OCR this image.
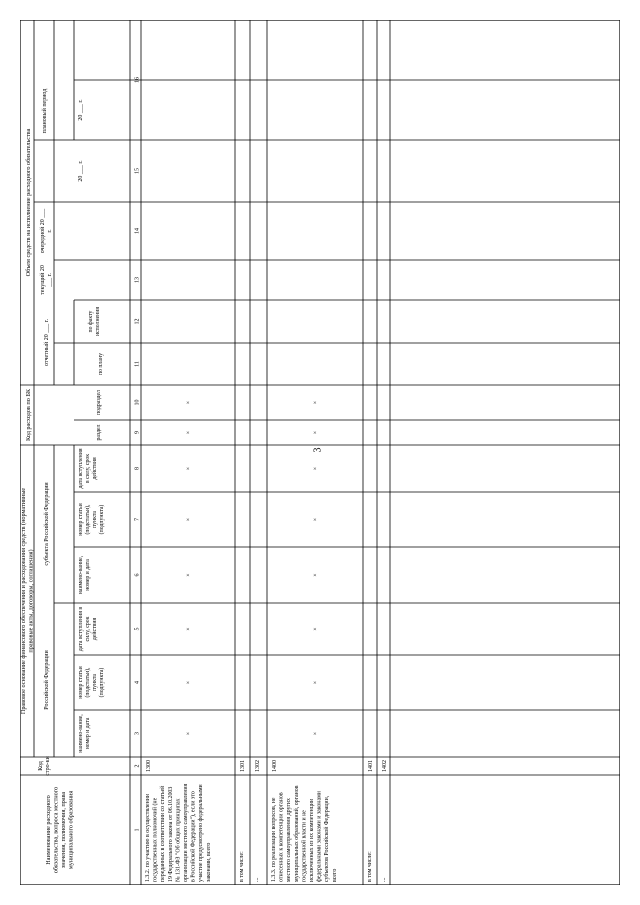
3
Наименование расходногообязательства, вопроса местногозначения, полномочия, правамуниципального образования
Кодстро-ки
Правовое основание финансового обеспечения и расходования средств (нормативныеправовые акты, договоры, соглашения)
Российской Федерации
субъекта Российской Федерации
наимено-вание,номер и дата
номер статьи(подстатьи),пункта(подпункта)
дата вступления всилу, срокдействия
наимено-вание,номер и дата
номер статьи(подстатьи),пункта(подпункта)
дата вступленияв силу, срокдействия
Код расходов по БК	раздел
подраздел
Объем средств на исполнение расходного обязательства
отчетный 20 ___ г.	по плану
по фактуисполнения
текущий 20___ г.
очередной 20 ___г.
плановый период
20 ___ г.
20 ___ г.
1
2
3
4
5
6
7
8
9
10
11
12
13
14
15
16
1.3.2. по участию в осуществлении государственных полномочий (не переданных в соответствии со статьей 19 Федерального закона от 06.10.2003 № 131-ФЗ "Об общих принципах организации местного самоуправления в Российской Федерации"), если это участие предусмотрено федеральными законами, всего
1300
×
×
×
×
×
×
×
×
в том числе:
1301
...
1302
1.3.3. по реализации вопросов, не отнесенных к компетенции органов местного самоуправления других муниципальных образований, органов государственной власти и не исключенных из их компетенции федеральными законами и законами субъектов Российской Федерации, всего
1400
×
×
×
×
×
×
×
×
в том числе:
1401
...
1402
